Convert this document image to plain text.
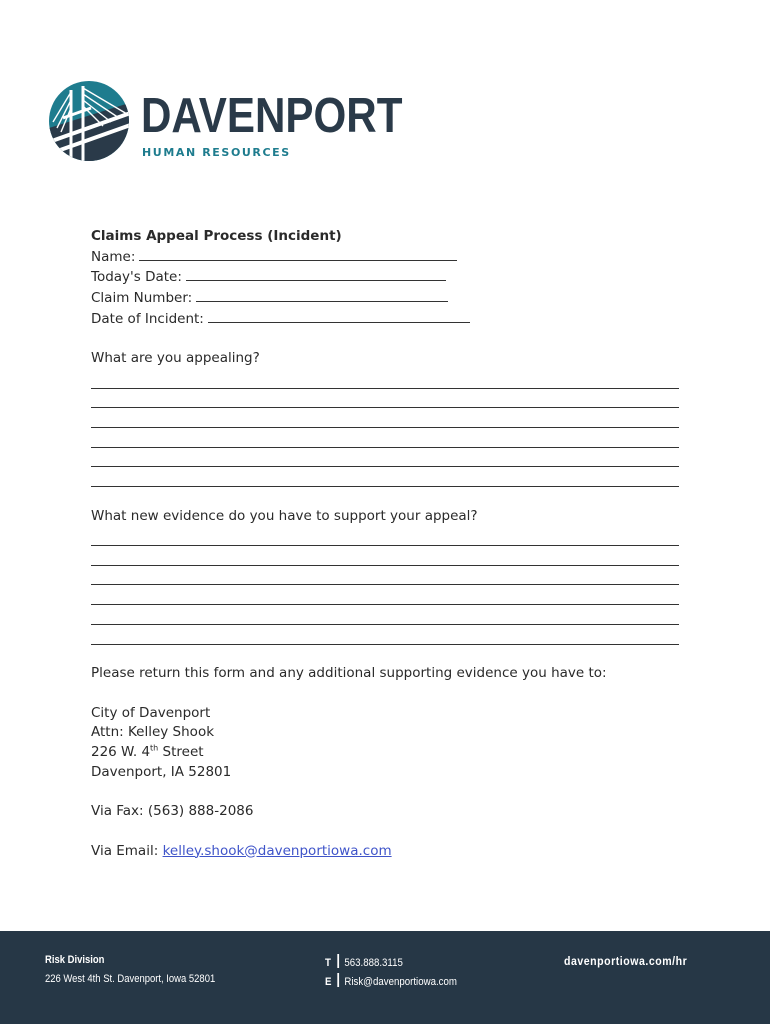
DAVENPORT
HUMAN RESOURCES
Claims Appeal Process (Incident)
Name:
Today's Date:
Claim Number:
Date of Incident:
What are you appealing?
What new evidence do you have to support your appeal?
Please return this form and any additional supporting evidence you have to:
City of Davenport
Attn: Kelley Shook
226 W. 4th Street
Davenport, IA 52801
Via Fax: (563) 888-2086
Via Email: kelley.shook@davenportiowa.com
Risk Division
226 West 4th St. Davenport, Iowa 52801
T 563.888.3115
E Risk@davenportiowa.com
davenportiowa.com/hr
